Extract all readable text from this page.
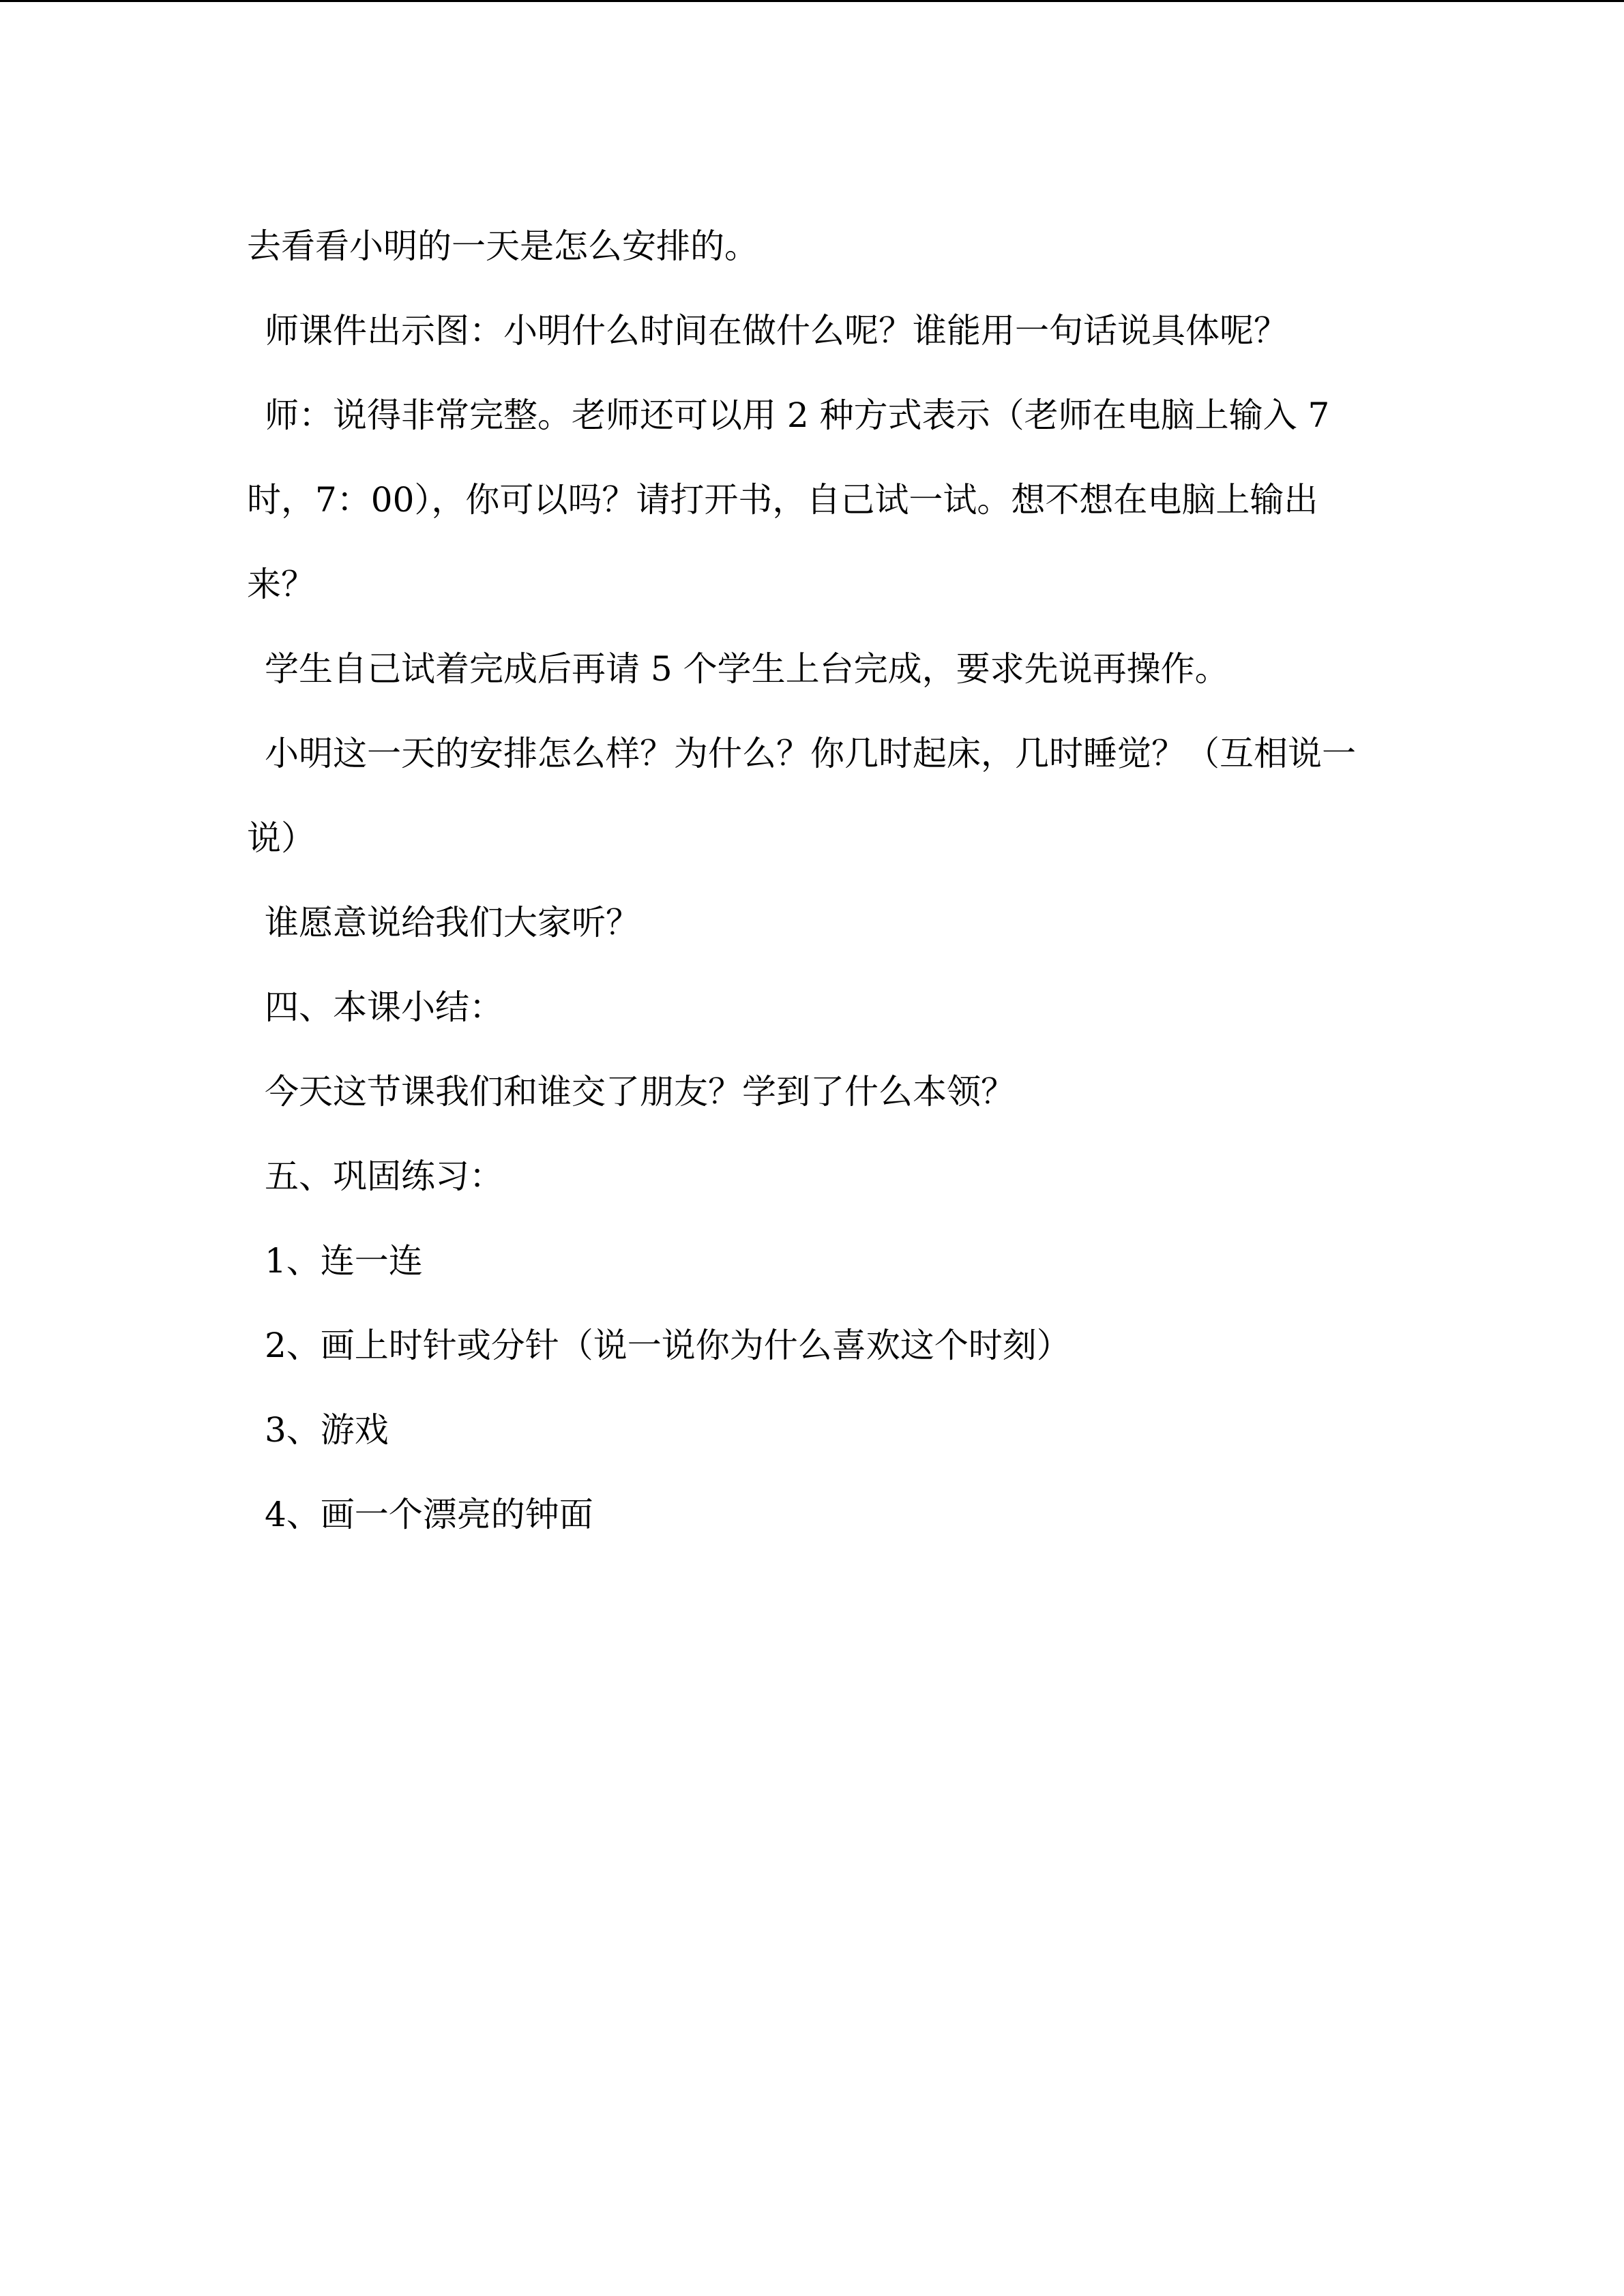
去看看小明的一天是怎么安排的。

师课件出示图：小明什么时间在做什么呢？谁能用一句话说具体呢？

师：说得非常完整。老师还可以用 2 种方式表示（老师在电脑上输入 7 时，7：00），你可以吗？请打开书，自己试一试。想不想在电脑上输出来？

学生自己试着完成后再请 5 个学生上台完成，要求先说再操作。

小明这一天的安排怎么样？为什么？你几时起床，几时睡觉？（互相说一说）

谁愿意说给我们大家听？

四、本课小结：

今天这节课我们和谁交了朋友？学到了什么本领？

五、巩固练习：

1、连一连

2、画上时针或分针（说一说你为什么喜欢这个时刻）

3、游戏

4、画一个漂亮的钟面
